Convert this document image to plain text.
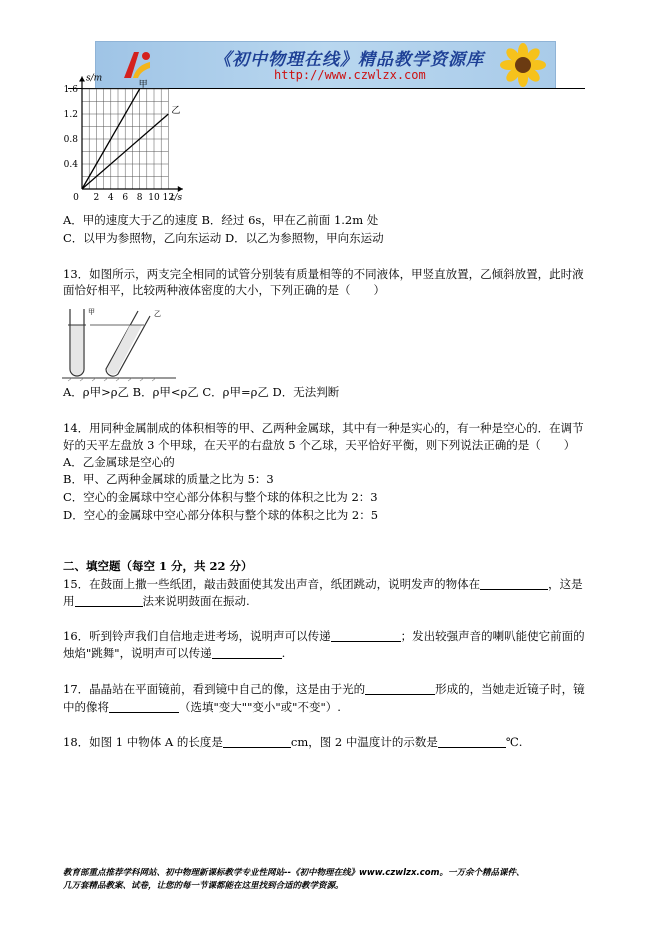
《初中物理在线》精品教学资源库
http://www.czwlzx.com
甲
乙
1.6
1.2
0.8
0.4
0 2 4 6 8 10 12
s/m
t/s
A．甲的速度大于乙的速度 B．经过 6s，甲在乙前面 1.2m 处
C．以甲为参照物，乙向东运动 D．以乙为参照物，甲向东运动
13．如图所示，两支完全相同的试管分别装有质量相等的不同液体，甲竖直放置，乙倾斜放置，此时液
面恰好相平，比较两种液体密度的大小，下列正确的是（　　）
甲	乙
A．ρ甲>ρ乙 B．ρ甲<ρ乙 C．ρ甲=ρ乙 D．无法判断
14．用同种金属制成的体积相等的甲、乙两种金属球，其中有一种是实心的，有一种是空心的．在调节
好的天平左盘放 3 个甲球，在天平的右盘放 5 个乙球，天平恰好平衡，则下列说法正确的是（　　）
A．乙金属球是空心的
B．甲、乙两种金属球的质量之比为 5：3
C．空心的金属球中空心部分体积与整个球的体积之比为 2：3
D．空心的金属球中空心部分体积与整个球的体积之比为 2：5
二、填空题（每空 1 分，共 22 分）
15．在鼓面上撒一些纸团，敲击鼓面使其发出声音，纸团跳动，说明发声的物体在	，这是
用	法来说明鼓面在振动.
16．听到铃声我们自信地走进考场，说明声可以传递	；发出较强声音的喇叭能使它前面的
烛焰"跳舞"，说明声可以传递	.
17．晶晶站在平面镜前，看到镜中自己的像，这是由于光的	形成的，当她走近镜子时，镜
中的像将	（选填"变大""变小"或"不变"）.
18．如图 1 中物体 A 的长度是	cm，图 2 中温度计的示数是	℃.
教育部重点推荐学科网站、初中物理新课标教学专业性网站--《初中物理在线》www.czwlzx.com。一万余个精品课件、
几万套精品教案、试卷，让您的每一节课都能在这里找到合适的教学资源。
